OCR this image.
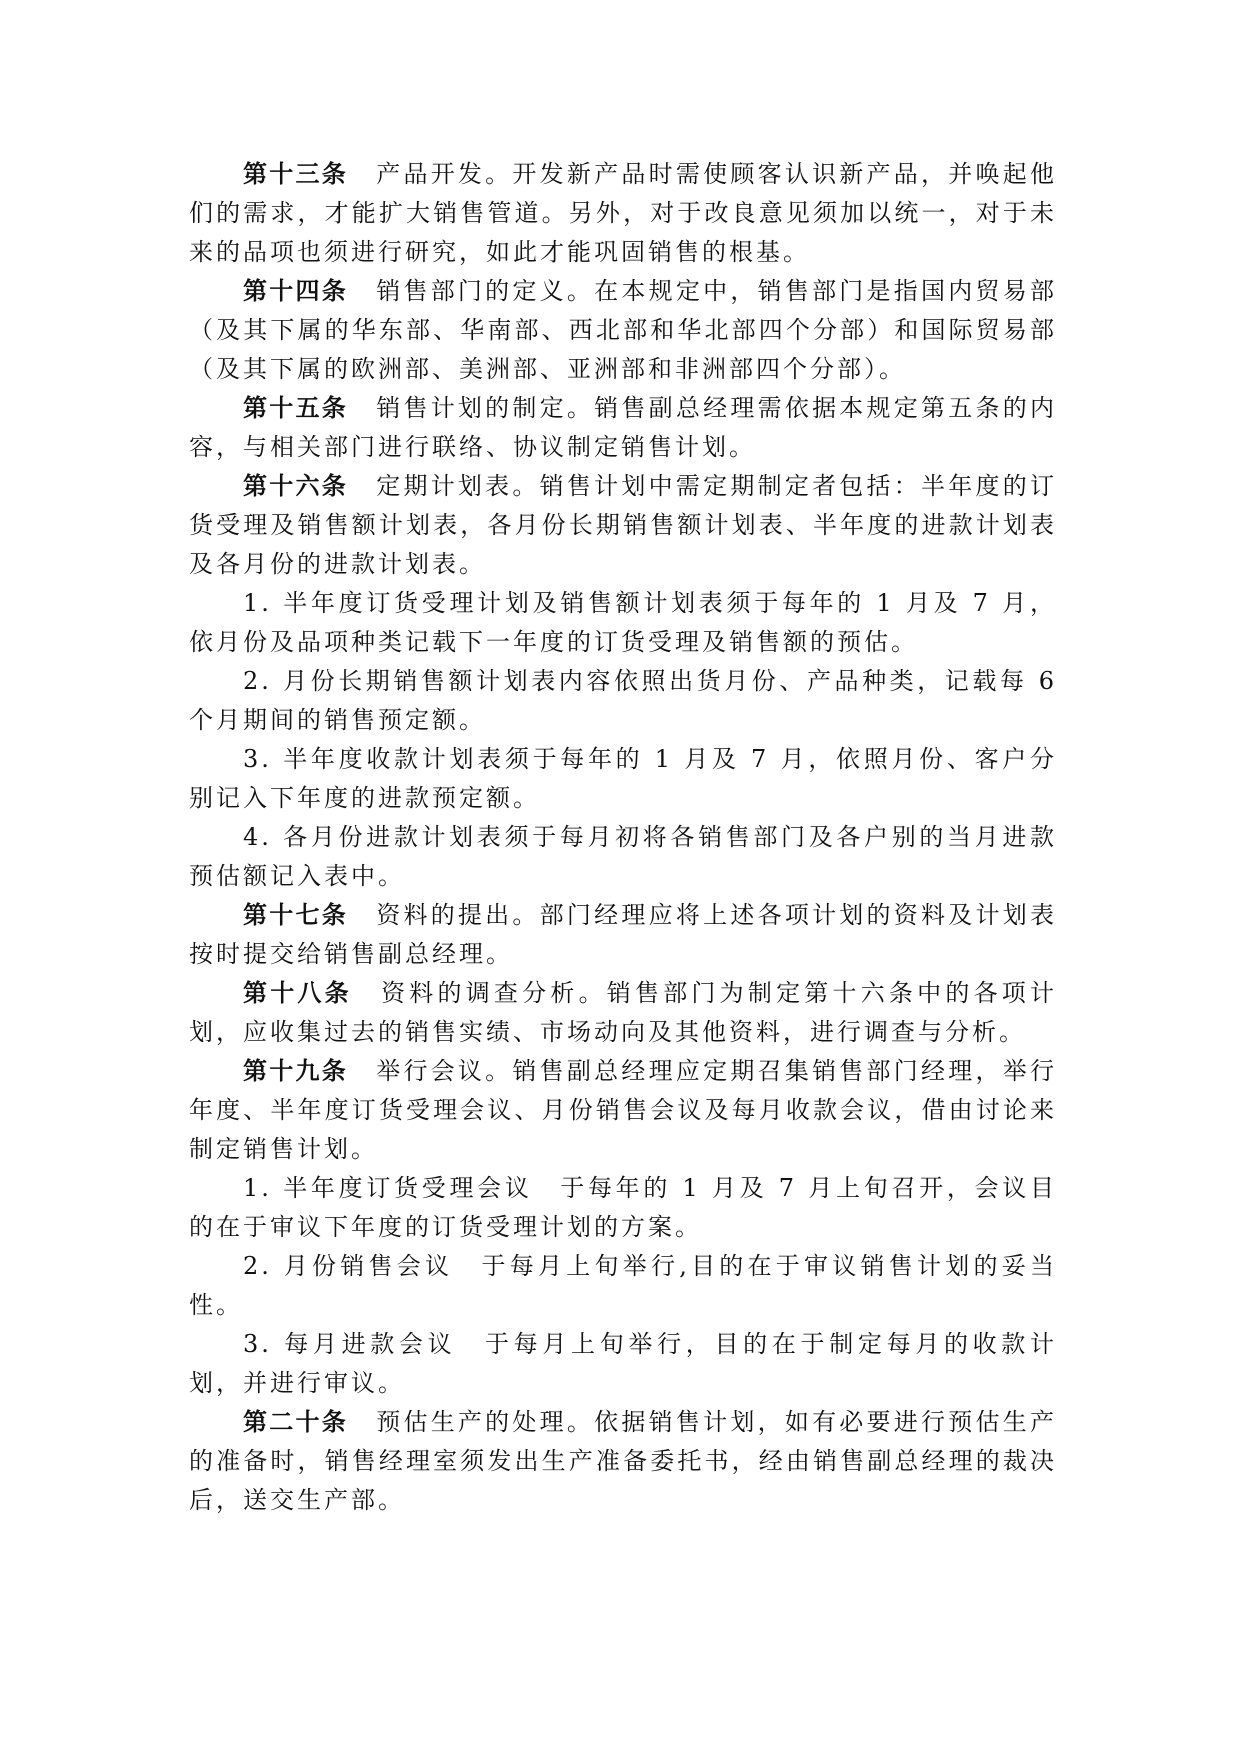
第十三条 产品开发。开发新产品时需使顾客认识新产品，并唤起他们的需求，才能扩大销售管道。另外，对于改良意见须加以统一，对于未来的品项也须进行研究，如此才能巩固销售的根基。

第十四条 销售部门的定义。在本规定中，销售部门是指国内贸易部（及其下属的华东部、华南部、西北部和华北部四个分部）和国际贸易部（及其下属的欧洲部、美洲部、亚洲部和非洲部四个分部）。

第十五条 销售计划的制定。销售副总经理需依据本规定第五条的内容，与相关部门进行联络、协议制定销售计划。

第十六条 定期计划表。销售计划中需定期制定者包括：半年度的订货受理及销售额计划表，各月份长期销售额计划表、半年度的进款计划表及各月份的进款计划表。

1. 半年度订货受理计划及销售额计划表须于每年的 1 月及 7 月，依月份及品项种类记载下一年度的订货受理及销售额的预估。

2. 月份长期销售额计划表内容依照出货月份、产品种类，记载每 6 个月期间的销售预定额。

3. 半年度收款计划表须于每年的 1 月及 7 月，依照月份、客户分别记入下年度的进款预定额。

4. 各月份进款计划表须于每月初将各销售部门及各户别的当月进款预估额记入表中。

第十七条 资料的提出。部门经理应将上述各项计划的资料及计划表按时提交给销售副总经理。

第十八条 资料的调查分析。销售部门为制定第十六条中的各项计划，应收集过去的销售实绩、市场动向及其他资料，进行调查与分析。

第十九条 举行会议。销售副总经理应定期召集销售部门经理，举行年度、半年度订货受理会议、月份销售会议及每月收款会议，借由讨论来制定销售计划。

1. 半年度订货受理会议　于每年的 1 月及 7 月上旬召开，会议目的在于审议下年度的订货受理计划的方案。

2. 月份销售会议　于每月上旬举行,目的在于审议销售计划的妥当性。

3. 每月进款会议　于每月上旬举行，目的在于制定每月的收款计划，并进行审议。

第二十条 预估生产的处理。依据销售计划，如有必要进行预估生产的准备时，销售经理室须发出生产准备委托书，经由销售副总经理的裁决后，送交生产部。
